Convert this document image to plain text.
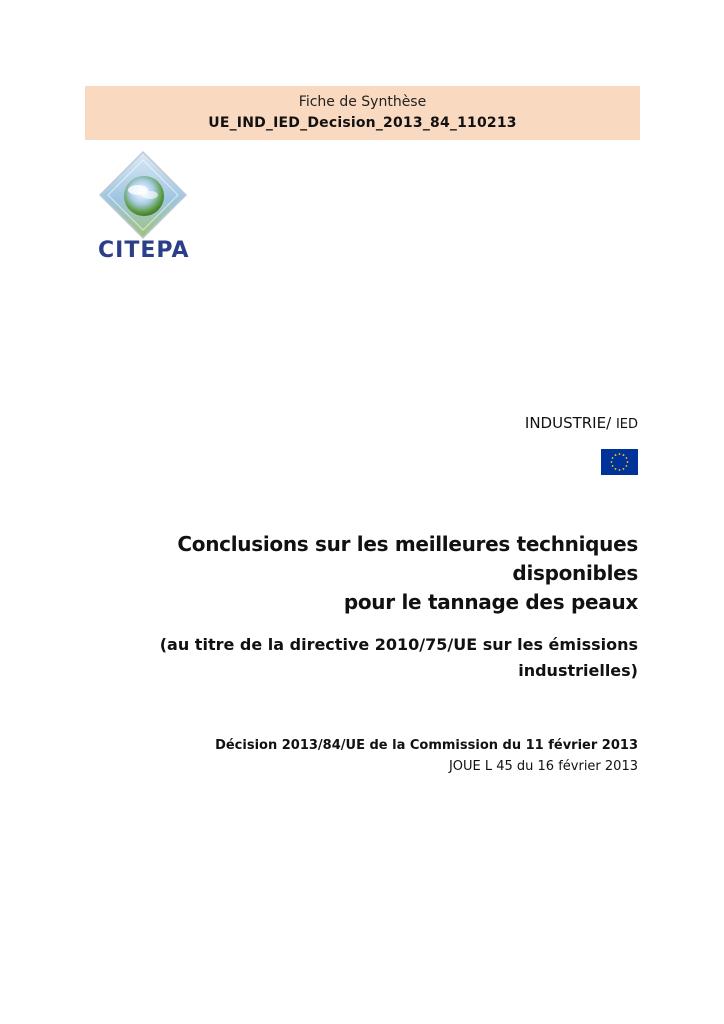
Fiche de Synthèse
UE_IND_IED_Decision_2013_84_110213
CITEPA
INDUSTRIE/ IED
Conclusions sur les meilleures techniques disponibles
pour le tannage des peaux
(au titre de la directive 2010/75/UE sur les émissions
industrielles)
Décision 2013/84/UE de la Commission du 11 février 2013
JOUE L 45 du 16 février 2013
